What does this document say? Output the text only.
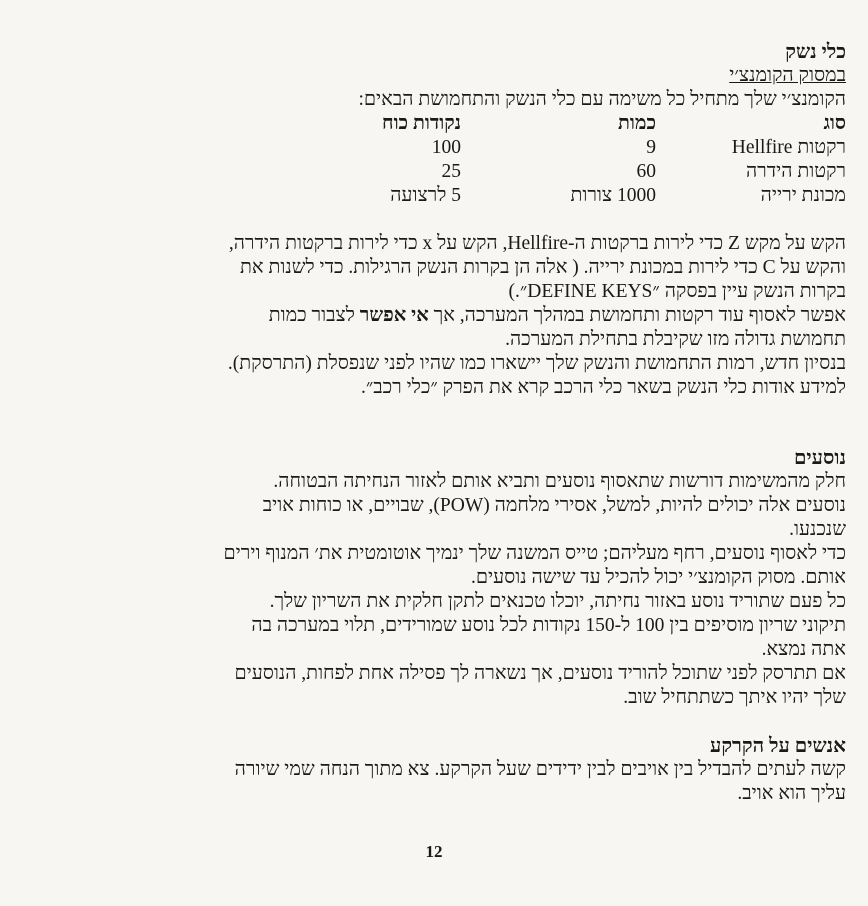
כלי נשק

במסוק הקומנצ׳י

הקומנצ׳י שלך מתחיל כל משימה עם כלי הנשק והתחמושת הבאים:

סוג
כמות
נקודות כוח
רקטות Hellfire
9
100
רקטות הידרה
60
25
מכונת ירייה
1000 צורות
5 לרצועה

הקש על מקש Z כדי לירות ברקטות ה-Hellfire, הקש על x כדי לירות ברקטות הידרה,

והקש על C כדי לירות במכונת ירייה. ( אלה הן בקרות הנשק הרגילות. כדי לשנות את

בקרות הנשק עיין בפסקה ״DEFINE KEYS״.)

אפשר לאסוף עוד רקטות ותחמושת במהלך המערכה, אך אי אפשר לצבור כמות

תחמושת גדולה מזו שקיבלת בתחילת המערכה.

בנסיון חדש, רמות התחמושת והנשק שלך יישארו כמו שהיו לפני שנפסלת (התרסקת).

למידע אודות כלי הנשק בשאר כלי הרכב קרא את הפרק ״כלי רכב״.

נוסעים

חלק מהמשימות דורשות שתאסוף נוסעים ותביא אותם לאזור הנחיתה הבטוחה.

נוסעים אלה יכולים להיות, למשל, אסירי מלחמה (POW), שבויים, או כוחות אויב

שנכנעו.

כדי לאסוף נוסעים, רחף מעליהם; טייס המשנה שלך ינמיך אוטומטית את׳ המנוף וירים

אותם. מסוק הקומנצ׳י יכול להכיל עד שישה נוסעים.

כל פעם שתוריד נוסע באזור נחיתה, יוכלו טכנאים לתקן חלקית את השריון שלך.

תיקוני שריון מוסיפים בין 100 ל-150 נקודות לכל נוסע שמורידים, תלוי במערכה בה

אתה נמצא.

אם תתרסק לפני שתוכל להוריד נוסעים, אך נשארה לך פסילה אחת לפחות, הנוסעים

שלך יהיו איתך כשתתחיל שוב.

אנשים על הקרקע

קשה לעתים להבדיל בין אויבים לבין ידידים שעל הקרקע. צא מתוך הנחה שמי שיורה

עליך הוא אויב.

12
